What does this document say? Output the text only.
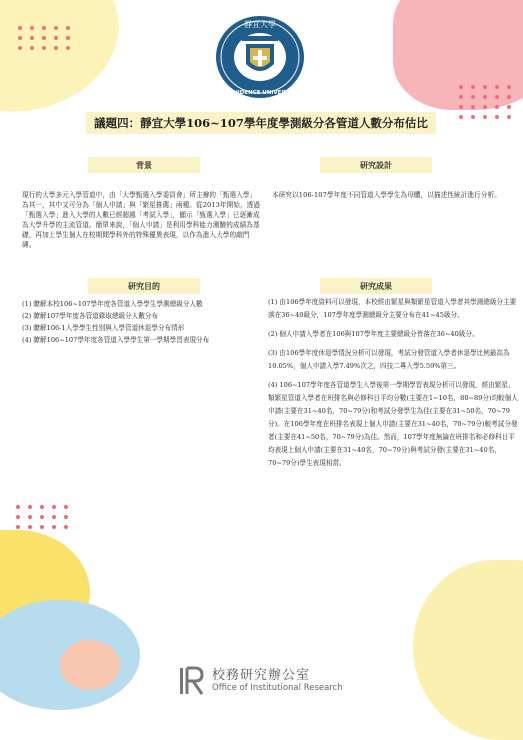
靜宜大學
PROVIDENCE UNIVERSITY
議題四：靜宜大學106~107學年度學測級分各管道人數分布估比
背景	研究設計
研究目的	研究成果
現行的大學多元入學管道中，由「大學甄選入學委員會」所主辦的「甄選入學」為其一，其中又可分為「個人申請」與「繁星推薦」兩種。從2013年開始，透過「甄選入學」進入大學的人數已經超越「考試入學」，顯示「甄選入學」已逐漸成為大學升學的主流管道。簡單來說，「個人申請」是利用學科能力測驗的成績為基礎，再加上學生個人在校期間學科外的特殊優異表現，以作為進入大學的敲門磚。
本研究以106-107學年度不同管道入學學生為母體，以描述性統計進行分析。
(1) 瞭解本校106~107學年度各管道入學學生學測總級分人數
(2) 瞭解107學年度各管道錄取總級分人數分布
(3) 瞭解106-1入學學生性別與入學管道休退學分布情形
(4) 瞭解106~107學年度各管道入學學生第一學期學習表現分布
(1) 由106學年度資料可以發現，本校經由繁星與類繁星管道入學者其學測總級分主要落在36~40級分，107學年度學測總級分主要分布在41~45級分。
(2) 個人申請入學者在106與107學年度主要總級分皆落在36~40級分。
(3) 由106學年度休退學情況分析可以發現，考試分發管道入學者休退學比例最高為10.05%，個人申請入學7.49%次之，四技二專入學5.59%第三。
(4) 106~107學年度各管道學生入學後第一學期學習表現分析可以發現，經由繁星、類繁星管道入學者在班排名與必修科目平均分數(主要在1~10名，80~89分)均較個人申請(主要在31~40名，70~79分)和考試分發學生為佳(主要在31~50名，70~79分)。在106學年度在班排名表現上個人申請(主要在31~40名，70~79分)較考試分發者(主要在41~50名，70~79分)為佳。然而，107學年度無論在班排名和必修科目平均表現上個人申請(主要在31~40名，70~79分)與考試分發(主要在31~40名，70~79分)學生表現相當。
校務研究辦公室
Office of Institutional Research
